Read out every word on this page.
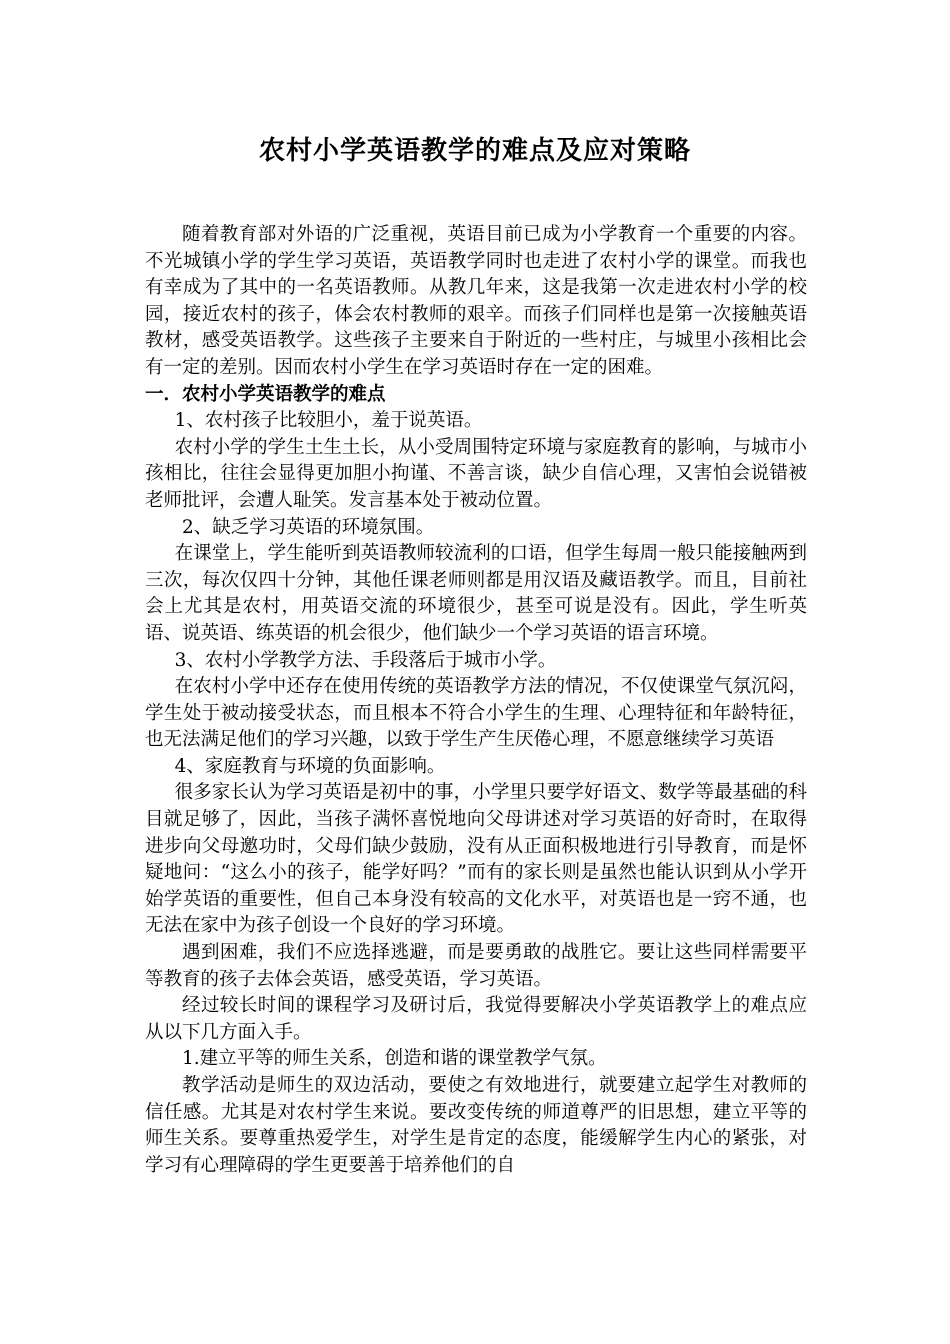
农村小学英语教学的难点及应对策略

随着教育部对外语的广泛重视，英语目前已成为小学教育一个重要的内容。不光城镇小学的学生学习英语，英语教学同时也走进了农村小学的课堂。而我也有幸成为了其中的一名英语教师。从教几年来，这是我第一次走进农村小学的校园，接近农村的孩子，体会农村教师的艰辛。而孩子们同样也是第一次接触英语教材，感受英语教学。这些孩子主要来自于附近的一些村庄，与城里小孩相比会有一定的差别。因而农村小学生在学习英语时存在一定的困难。

一．农村小学英语教学的难点

1、农村孩子比较胆小，羞于说英语。

农村小学的学生土生土长，从小受周围特定环境与家庭教育的影响，与城市小孩相比，往往会显得更加胆小拘谨、不善言谈，缺少自信心理，又害怕会说错被老师批评，会遭人耻笑。发言基本处于被动位置。

2、缺乏学习英语的环境氛围。

在课堂上，学生能听到英语教师较流利的口语，但学生每周一般只能接触两到三次，每次仅四十分钟，其他任课老师则都是用汉语及藏语教学。而且，目前社会上尤其是农村，用英语交流的环境很少，甚至可说是没有。因此，学生听英语、说英语、练英语的机会很少，他们缺少一个学习英语的语言环境。

3、农村小学教学方法、手段落后于城市小学。

在农村小学中还存在使用传统的英语教学方法的情况，不仅使课堂气氛沉闷，学生处于被动接受状态，而且根本不符合小学生的生理、心理特征和年龄特征，也无法满足他们的学习兴趣，以致于学生产生厌倦心理，不愿意继续学习英语

4、家庭教育与环境的负面影响。

很多家长认为学习英语是初中的事，小学里只要学好语文、数学等最基础的科目就足够了，因此，当孩子满怀喜悦地向父母讲述对学习英语的好奇时，在取得进步向父母邀功时，父母们缺少鼓励，没有从正面积极地进行引导教育，而是怀疑地问：“这么小的孩子，能学好吗？”而有的家长则是虽然也能认识到从小学开始学英语的重要性，但自己本身没有较高的文化水平，对英语也是一窍不通，也无法在家中为孩子创设一个良好的学习环境。

遇到困难，我们不应选择逃避，而是要勇敢的战胜它。要让这些同样需要平等教育的孩子去体会英语，感受英语，学习英语。

经过较长时间的课程学习及研讨后，我觉得要解决小学英语教学上的难点应从以下几方面入手。

1.建立平等的师生关系，创造和谐的课堂教学气氛。

教学活动是师生的双边活动，要使之有效地进行，就要建立起学生对教师的信任感。尤其是对农村学生来说。要改变传统的师道尊严的旧思想，建立平等的师生关系。要尊重热爱学生，对学生是肯定的态度，能缓解学生内心的紧张，对学习有心理障碍的学生更要善于培养他们的自
